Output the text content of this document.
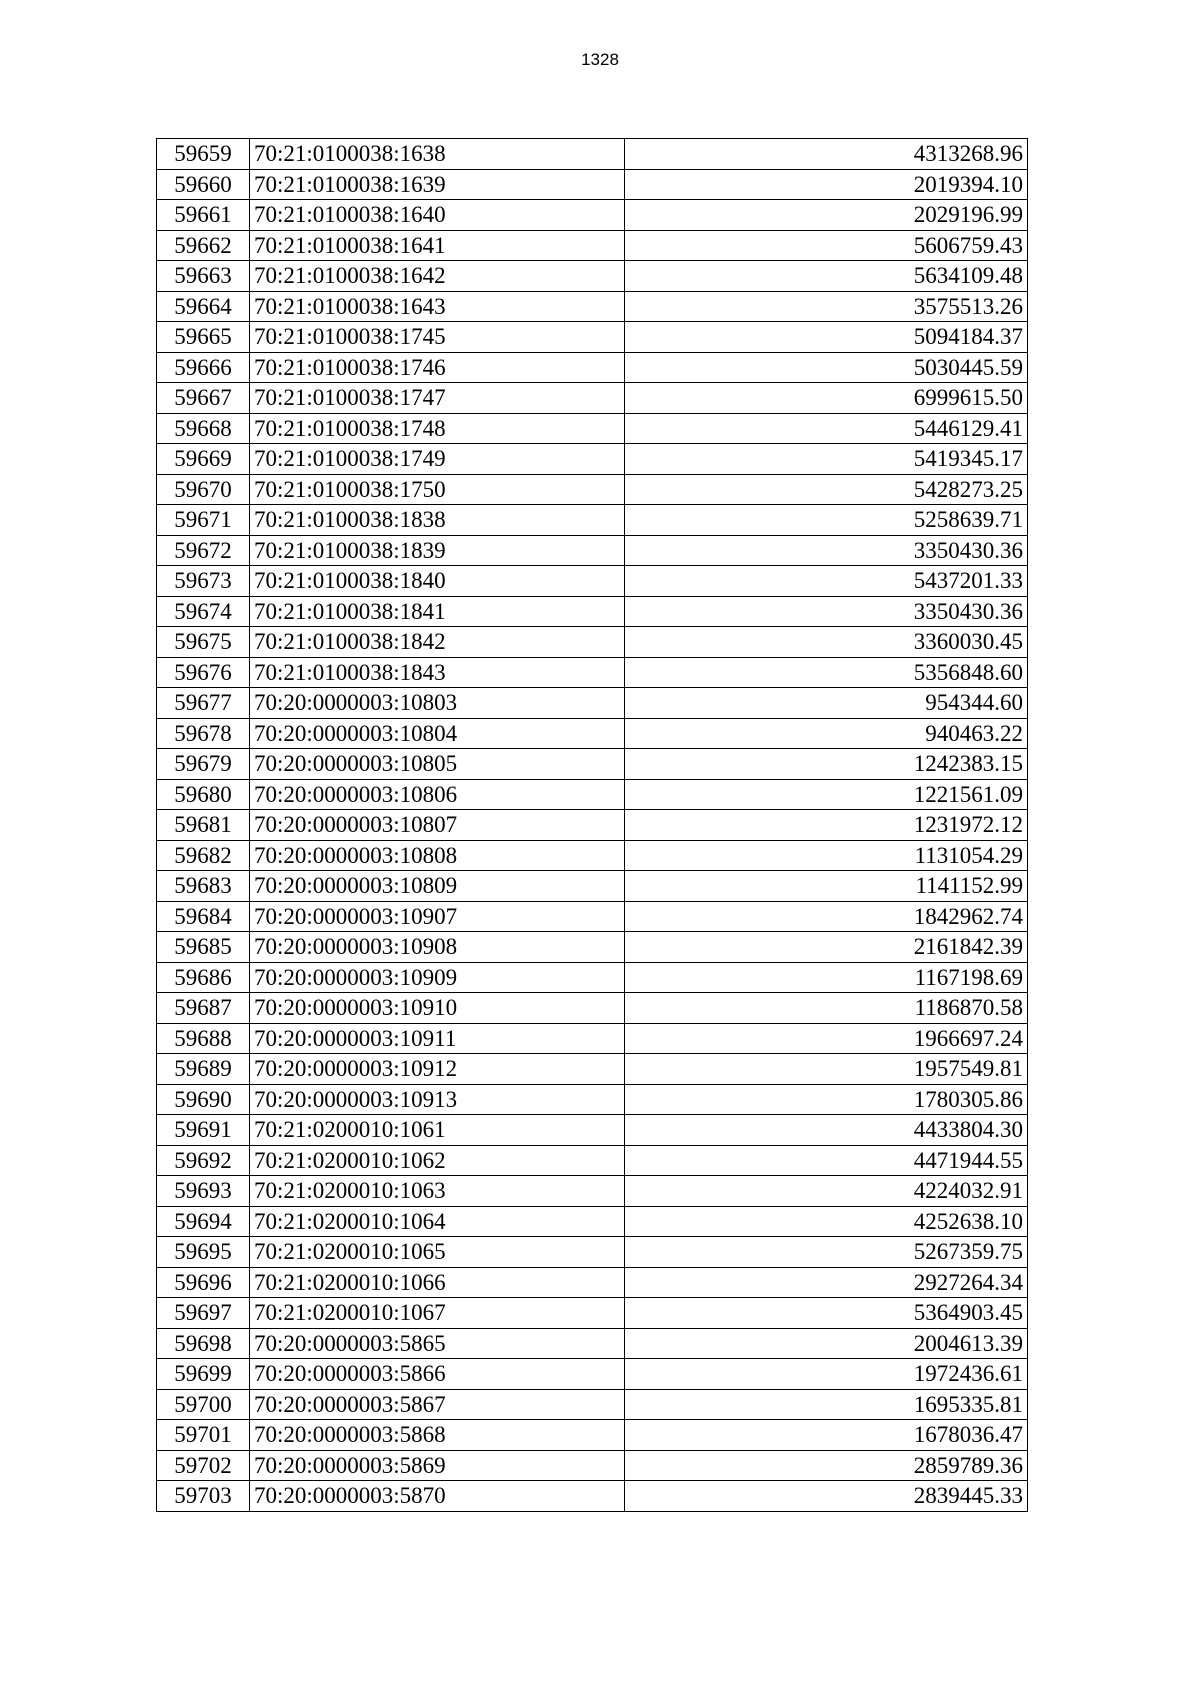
1328
59659	70:21:0100038:1638	4313268.96
59660	70:21:0100038:1639	2019394.10
59661	70:21:0100038:1640	2029196.99
59662	70:21:0100038:1641	5606759.43
59663	70:21:0100038:1642	5634109.48
59664	70:21:0100038:1643	3575513.26
59665	70:21:0100038:1745	5094184.37
59666	70:21:0100038:1746	5030445.59
59667	70:21:0100038:1747	6999615.50
59668	70:21:0100038:1748	5446129.41
59669	70:21:0100038:1749	5419345.17
59670	70:21:0100038:1750	5428273.25
59671	70:21:0100038:1838	5258639.71
59672	70:21:0100038:1839	3350430.36
59673	70:21:0100038:1840	5437201.33
59674	70:21:0100038:1841	3350430.36
59675	70:21:0100038:1842	3360030.45
59676	70:21:0100038:1843	5356848.60
59677	70:20:0000003:10803	954344.60
59678	70:20:0000003:10804	940463.22
59679	70:20:0000003:10805	1242383.15
59680	70:20:0000003:10806	1221561.09
59681	70:20:0000003:10807	1231972.12
59682	70:20:0000003:10808	1131054.29
59683	70:20:0000003:10809	1141152.99
59684	70:20:0000003:10907	1842962.74
59685	70:20:0000003:10908	2161842.39
59686	70:20:0000003:10909	1167198.69
59687	70:20:0000003:10910	1186870.58
59688	70:20:0000003:10911	1966697.24
59689	70:20:0000003:10912	1957549.81
59690	70:20:0000003:10913	1780305.86
59691	70:21:0200010:1061	4433804.30
59692	70:21:0200010:1062	4471944.55
59693	70:21:0200010:1063	4224032.91
59694	70:21:0200010:1064	4252638.10
59695	70:21:0200010:1065	5267359.75
59696	70:21:0200010:1066	2927264.34
59697	70:21:0200010:1067	5364903.45
59698	70:20:0000003:5865	2004613.39
59699	70:20:0000003:5866	1972436.61
59700	70:20:0000003:5867	1695335.81
59701	70:20:0000003:5868	1678036.47
59702	70:20:0000003:5869	2859789.36
59703	70:20:0000003:5870	2839445.33
